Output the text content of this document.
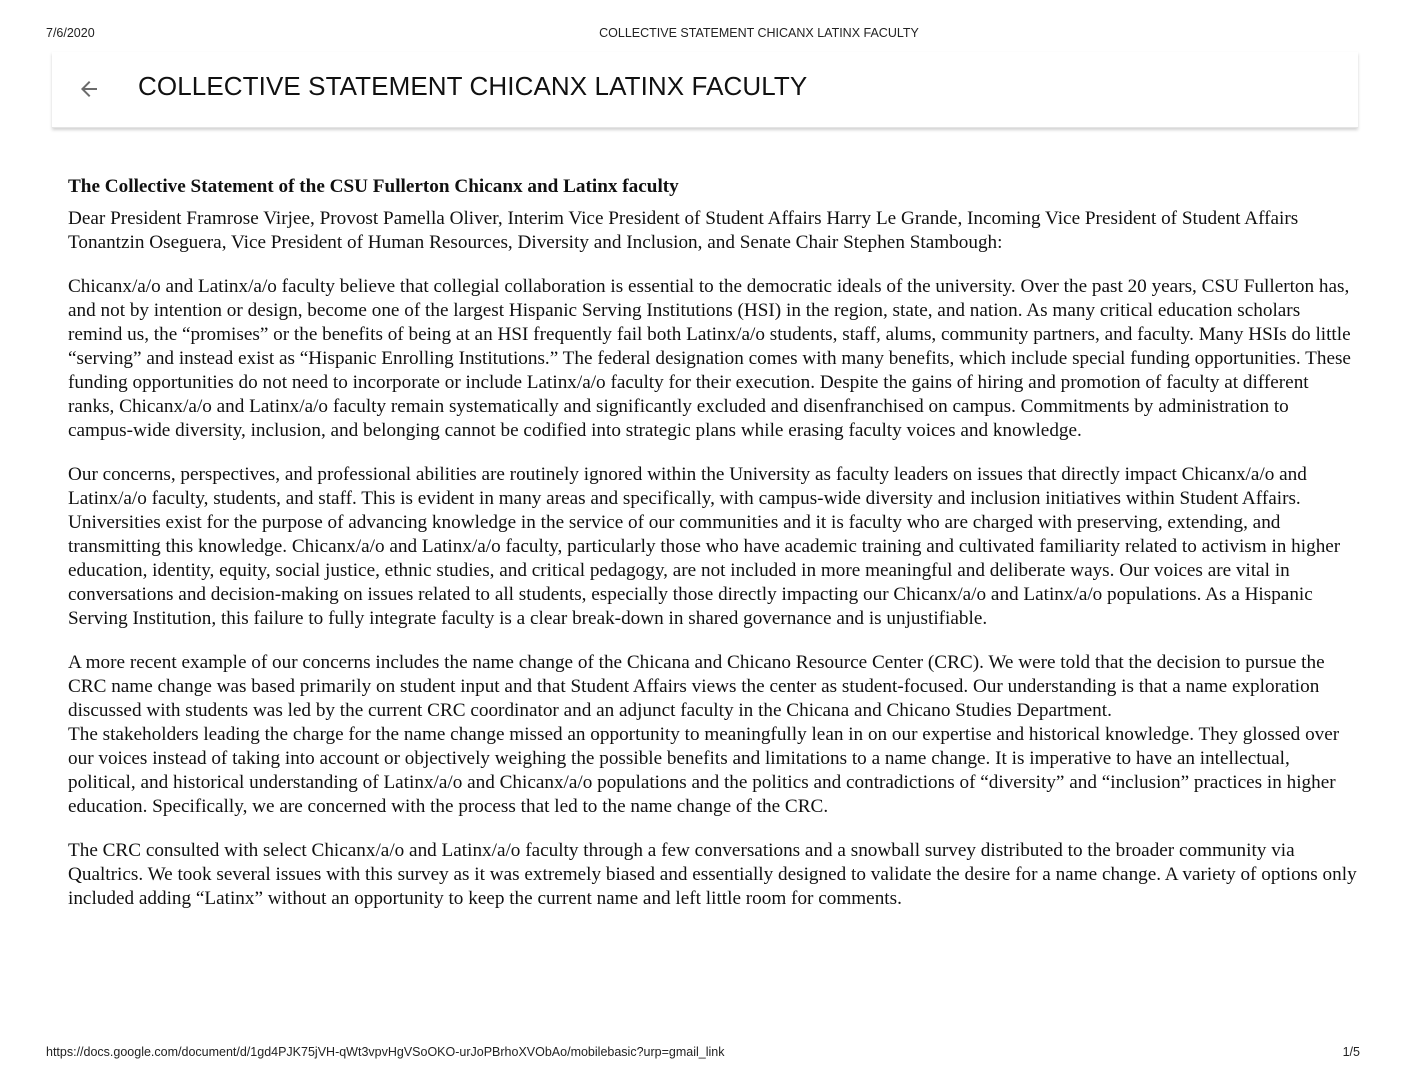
7/6/2020	COLLECTIVE STATEMENT CHICANX LATINX FACULTY
COLLECTIVE STATEMENT CHICANX LATINX FACULTY
The Collective Statement of the CSU Fullerton Chicanx and Latinx faculty

Dear President Framrose Virjee, Provost Pamella Oliver, Interim Vice President of Student Affairs Harry Le Grande, Incoming Vice President of Student Affairs Tonantzin Oseguera, Vice President of Human Resources, Diversity and Inclusion, and Senate Chair Stephen Stambough:

Chicanx/a/o and Latinx/a/o faculty believe that collegial collaboration is essential to the democratic ideals of the university. Over the past 20 years, CSU Fullerton has, and not by intention or design, become one of the largest Hispanic Serving Institutions (HSI) in the region, state, and nation. As many critical education scholars remind us, the “promises” or the benefits of being at an HSI frequently fail both Latinx/a/o students, staff, alums, community partners, and faculty. Many HSIs do little “serving” and instead exist as “Hispanic Enrolling Institutions.” The federal designation comes with many benefits, which include special funding opportunities. These funding opportunities do not need to incorporate or include Latinx/a/o faculty for their execution. Despite the gains of hiring and promotion of faculty at different ranks, Chicanx/a/o and Latinx/a/o faculty remain systematically and significantly excluded and disenfranchised on campus. Commitments by administration to campus-wide diversity, inclusion, and belonging cannot be codified into strategic plans while erasing faculty voices and knowledge.

Our concerns, perspectives, and professional abilities are routinely ignored within the University as faculty leaders on issues that directly impact Chicanx/a/o and Latinx/a/o faculty, students, and staff. This is evident in many areas and specifically, with campus-wide diversity and inclusion initiatives within Student Affairs. Universities exist for the purpose of advancing knowledge in the service of our communities and it is faculty who are charged with preserving, extending, and transmitting this knowledge. Chicanx/a/o and Latinx/a/o faculty, particularly those who have academic training and cultivated familiarity related to activism in higher education, identity, equity, social justice, ethnic studies, and critical pedagogy, are not included in more meaningful and deliberate ways. Our voices are vital in conversations and decision-making on issues related to all students, especially those directly impacting our Chicanx/a/o and Latinx/a/o populations. As a Hispanic Serving Institution, this failure to fully integrate faculty is a clear break-down in shared governance and is unjustifiable.

A more recent example of our concerns includes the name change of the Chicana and Chicano Resource Center (CRC). We were told that the decision to pursue the CRC name change was based primarily on student input and that Student Affairs views the center as student-focused. Our understanding is that a name exploration discussed with students was led by the current CRC coordinator and an adjunct faculty in the Chicana and Chicano Studies Department.

The stakeholders leading the charge for the name change missed an opportunity to meaningfully lean in on our expertise and historical knowledge. They glossed over our voices instead of taking into account or objectively weighing the possible benefits and limitations to a name change. It is imperative to have an intellectual, political, and historical understanding of Latinx/a/o and Chicanx/a/o populations and the politics and contradictions of “diversity” and “inclusion” practices in higher education. Specifically, we are concerned with the process that led to the name change of the CRC.

The CRC consulted with select Chicanx/a/o and Latinx/a/o faculty through a few conversations and a snowball survey distributed to the broader community via Qualtrics. We took several issues with this survey as it was extremely biased and essentially designed to validate the desire for a name change. A variety of options only included adding “Latinx” without an opportunity to keep the current name and left little room for comments.

https://docs.google.com/document/d/1gd4PJK75jVH-qWt3vpvHgVSoOKO-urJoPBrhoXVObAo/mobilebasic?urp=gmail_link	1/5
